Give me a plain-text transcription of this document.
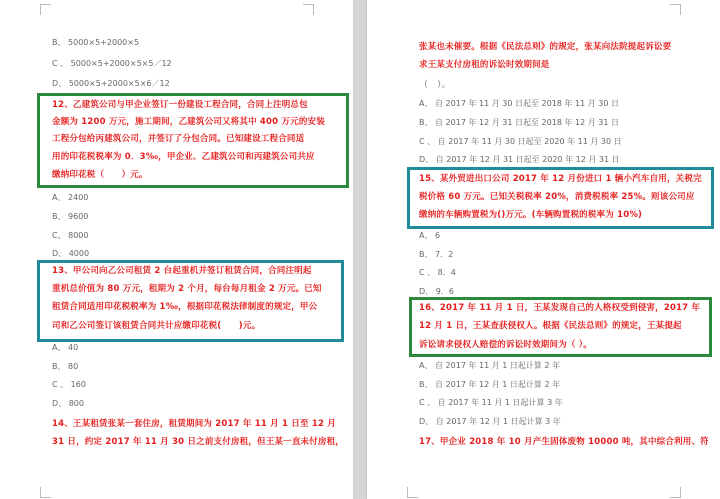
B、 5000×5+2000×5
C 、 5000×5+2000×5×5／12
D、 5000×5+2000×5×6／12
12、乙建筑公司与甲企业签订一份建设工程合同，合同上注明总包
金额为 1200 万元，施工期间，乙建筑公司又将其中 400 万元的安装
工程分包给丙建筑公司，并签订了分包合同。已知建设工程合同适
用的印花税税率为 0．3‰，甲企业、乙建筑公司和丙建筑公司共应
缴纳印花税（　　）元。
A、 2400
B、 9600
C、 8000
D、 4000
13、甲公司向乙公司租赁 2 台起重机并签订租赁合同，合同注明起
重机总价值为 80 万元，租期为 2 个月，每台每月租金 2 万元。已知
租赁合同适用印花税税率为 1‰，根据印花税法律制度的规定，甲公
司和乙公司签订该租赁合同共计应缴印花税(　　)元。
A、 40
B、 80
C 、 160
D、 800
14、王某租赁张某一套住房，租赁期间为 2017 年 11 月 1 日至 12 月
31 日，约定 2017 年 11 月 30 日之前支付房租，但王某一直未付房租，
张某也未催要。根据《民法总则》的规定，张某向法院提起诉讼要
求王某支付房租的诉讼时效期间是
（　）。
A、 自 2017 年 11 月 30 日起至 2018 年 11 月 30 日
B、 自 2017 年 12 月 31 日起至 2018 年 12 月 31 日
C 、 自 2017 年 11 月 30 日起至 2020 年 11 月 30 日
D、 自 2017 年 12 月 31 日起至 2020 年 12 月 31 日
15、某外贸进出口公司 2017 年 12 月份进口 1 辆小汽车自用，关税完
税价格 60 万元。已知关税税率 20%，消费税税率 25%。则该公司应
缴纳的车辆购置税为()万元。(车辆购置税的税率为 10%)
A、 6
B、 7．2
C 、 8．4
D、 9．6
16、2017 年 11 月 1 日，王某发现自己的人格权受到侵害，2017 年
12 月 1 日，王某查获侵权人。根据《民法总则》的规定，王某提起
诉讼请求侵权人赔偿的诉讼时效期间为（ ）。
A、 自 2017 年 11 月 1 日起计算 2 年
B、 自 2017 年 12 月 1 日起计算 2 年
C 、 自 2017 年 11 月 1 日起计算 3 年
D、 自 2017 年 12 月 1 日起计算 3 年
17、甲企业 2018 年 10 月产生固体废物 10000 吨，其中综合利用、符
